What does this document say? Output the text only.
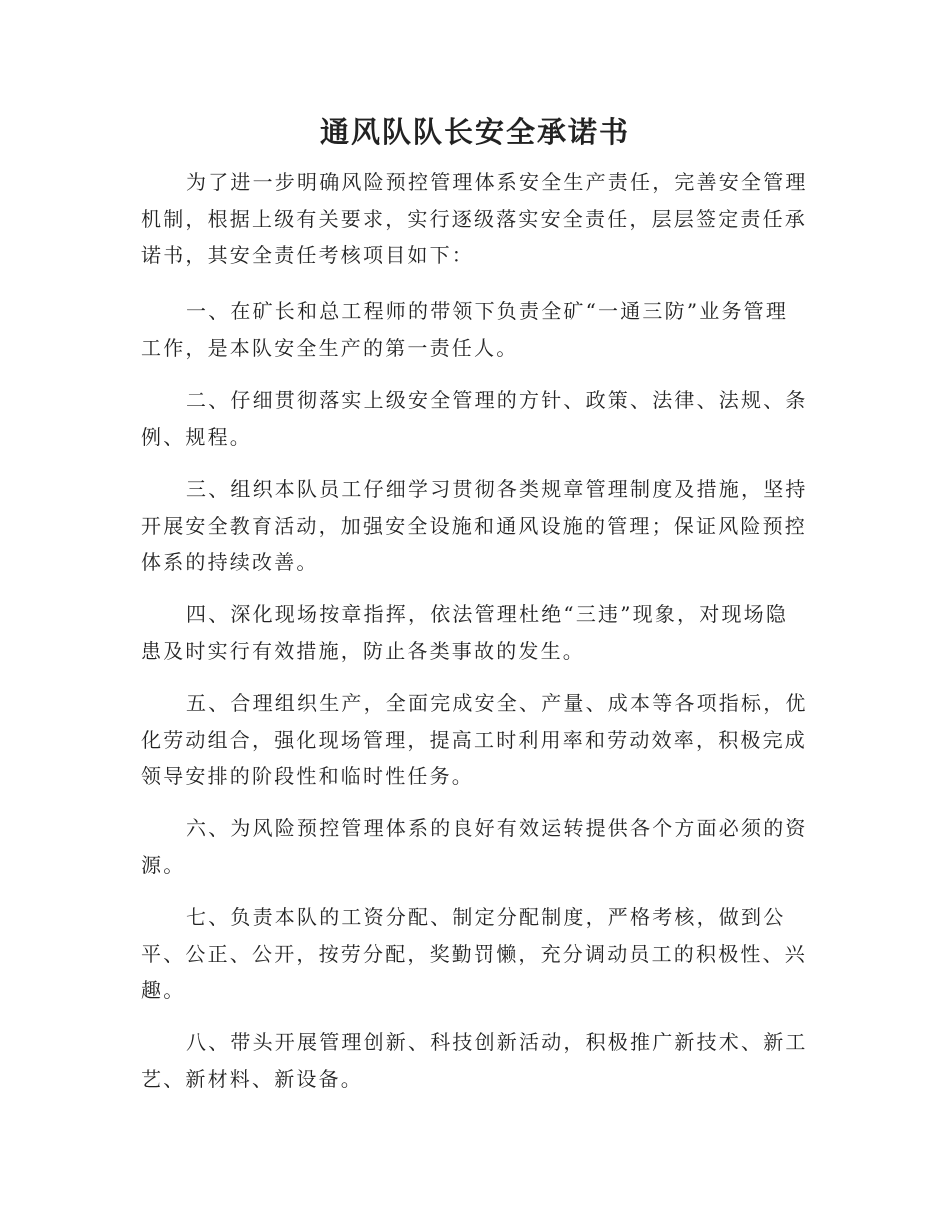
通风队队长安全承诺书

为了进一步明确风险预控管理体系安全生产责任，完善安全管理
机制，根据上级有关要求，实行逐级落实安全责任，层层签定责任承
诺书，其安全责任考核项目如下：

一、在矿长和总工程师的带领下负责全矿“一通三防”业务管理
工作，是本队安全生产的第一责任人。

二、仔细贯彻落实上级安全管理的方针、政策、法律、法规、条
例、规程。

三、组织本队员工仔细学习贯彻各类规章管理制度及措施，坚持
开展安全教育活动，加强安全设施和通风设施的管理；保证风险预控
体系的持续改善。

四、深化现场按章指挥，依法管理杜绝“三违”现象，对现场隐
患及时实行有效措施，防止各类事故的发生。

五、合理组织生产，全面完成安全、产量、成本等各项指标，优
化劳动组合，强化现场管理，提高工时利用率和劳动效率，积极完成
领导安排的阶段性和临时性任务。

六、为风险预控管理体系的良好有效运转提供各个方面必须的资
源。

七、负责本队的工资分配、制定分配制度，严格考核，做到公
平、公正、公开，按劳分配，奖勤罚懒，充分调动员工的积极性、兴
趣。

八、带头开展管理创新、科技创新活动，积极推广新技术、新工
艺、新材料、新设备。
